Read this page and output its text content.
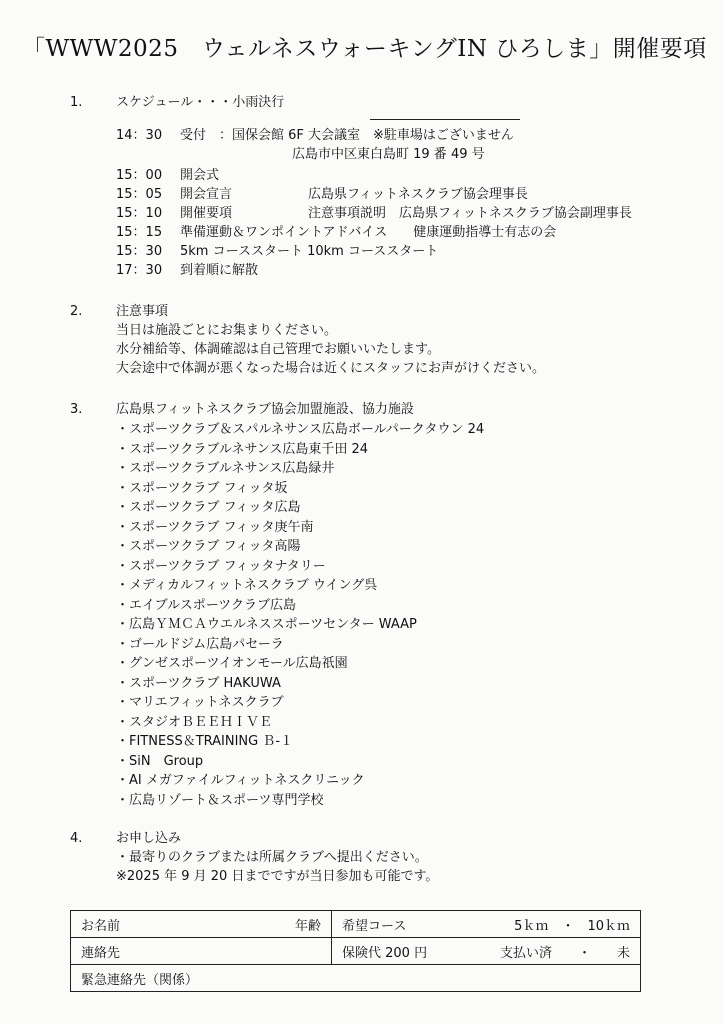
「WWW2025　ウェルネスウォーキングIN ひろしま」開催要項
1.	スケジュール・・・小雨決行
14：30 受付　：国保会館 6F 大会議室　※駐車場はございません
広島市中区東白島町 19 番 49 号
15：00 開会式
15：05 開会宣言	広島県フィットネスクラブ協会理事長
15：10 開催要項	注意事項説明　広島県フィットネスクラブ協会副理事長
15：15 準備運動＆ワンポイントアドバイス　　健康運動指導士有志の会
15：30 5km コーススタート 10km コーススタート
17：30 到着順に解散
2.	注意事項
当日は施設ごとにお集まりください。
水分補給等、体調確認は自己管理でお願いいたします。
大会途中で体調が悪くなった場合は近くにスタッフにお声がけください。
3.	広島県フィットネスクラブ協会加盟施設、協力施設
・スポーツクラブ＆スパルネサンス広島ボールパークタウン 24
・スポーツクラブルネサンス広島東千田 24
・スポーツクラブルネサンス広島緑井
・スポーツクラブ フィッタ坂
・スポーツクラブ フィッタ広島
・スポーツクラブ フィッタ庚午南
・スポーツクラブ フィッタ高陽
・スポーツクラブ フィッタナタリー
・メディカルフィットネスクラブ ウイング呉
・エイブルスポーツクラブ広島
・広島ＹＭＣＡウエルネススポーツセンター WAAP
・ゴールドジム広島パセーラ
・グンゼスポーツイオンモール広島祇園
・スポーツクラブ HAKUWA
・マリエフィットネスクラブ
・スタジオＢＥＥＨＩＶＥ
・FITNESS＆TRAINING Ｂ-１
・SiN　Group
・AI メガファイルフィットネスクリニック
・広島リゾート＆スポーツ専門学校
4.	お申し込み
・最寄りのクラブまたは所属クラブへ提出ください。
※2025 年 9 月 20 日までですが当日参加も可能です。
お名前 年齢	希望コース 5ｋｍ　・　10ｋｍ

連絡先	保険代 200 円 支払い済　　・　　未

緊急連絡先（関係）	
